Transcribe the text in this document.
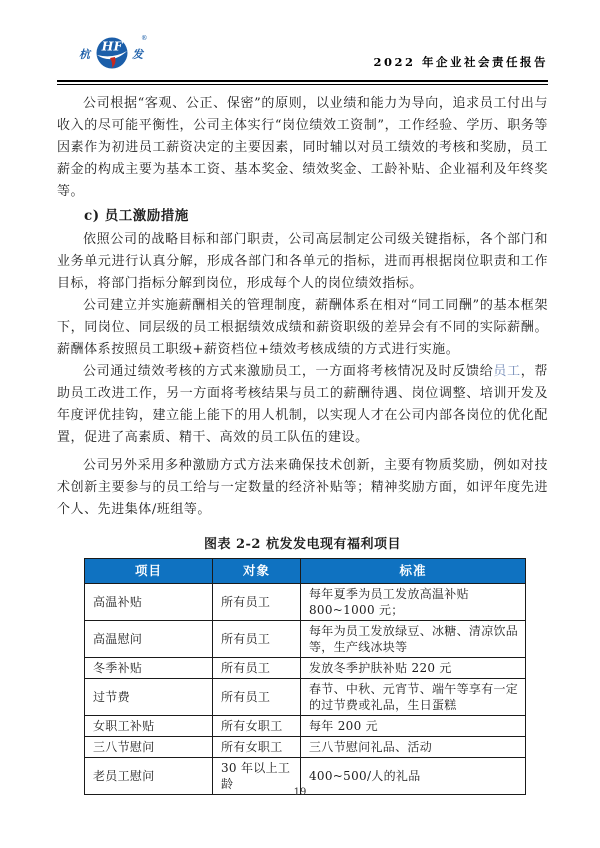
杭
HF
发
®
2022 年企业社会责任报告

公司根据“客观、公正、保密”的原则，以业绩和能力为导向，追求员工付出与收入的尽可能平衡性，公司主体实行“岗位绩效工资制”，工作经验、学历、职务等因素作为初进员工薪资决定的主要因素，同时辅以对员工绩效的考核和奖励，员工薪金的构成主要为基本工资、基本奖金、绩效奖金、工龄补贴、企业福利及年终奖等。

c) 员工激励措施

依照公司的战略目标和部门职责，公司高层制定公司级关键指标，各个部门和业务单元进行认真分解，形成各部门和各单元的指标，进而再根据岗位职责和工作目标，将部门指标分解到岗位，形成每个人的岗位绩效指标。

公司建立并实施薪酬相关的管理制度，薪酬体系在相对“同工同酬”的基本框架下，同岗位、同层级的员工根据绩效成绩和薪资职级的差异会有不同的实际薪酬。薪酬体系按照员工职级+薪资档位+绩效考核成绩的方式进行实施。

公司通过绩效考核的方式来激励员工，一方面将考核情况及时反馈给员工，帮助员工改进工作，另一方面将考核结果与员工的薪酬待遇、岗位调整、培训开发及年度评优挂钩，建立能上能下的用人机制，以实现人才在公司内部各岗位的优化配置，促进了高素质、精干、高效的员工队伍的建设。

公司另外采用多种激励方式方法来确保技术创新，主要有物质奖励，例如对技术创新主要参与的员工给与一定数量的经济补贴等；精神奖励方面，如评年度先进个人、先进集体/班组等。

图表 2-2 杭发发电现有福利项目
项目	对象	标准
高温补贴	所有员工	每年夏季为员工发放高温补贴 800~1000 元；
高温慰问	所有员工	每年为员工发放绿豆、冰糖、清凉饮品等，生产线冰块等
冬季补贴	所有员工	发放冬季护肤补贴 220 元
过节费	所有员工	春节、中秋、元宵节、端午等享有一定的过节费或礼品，生日蛋糕
女职工补贴	所有女职工	每年 200 元
三八节慰问	所有女职工	三八节慰问礼品、活动
老员工慰问	30 年以上工龄	400~500/人的礼品
19
